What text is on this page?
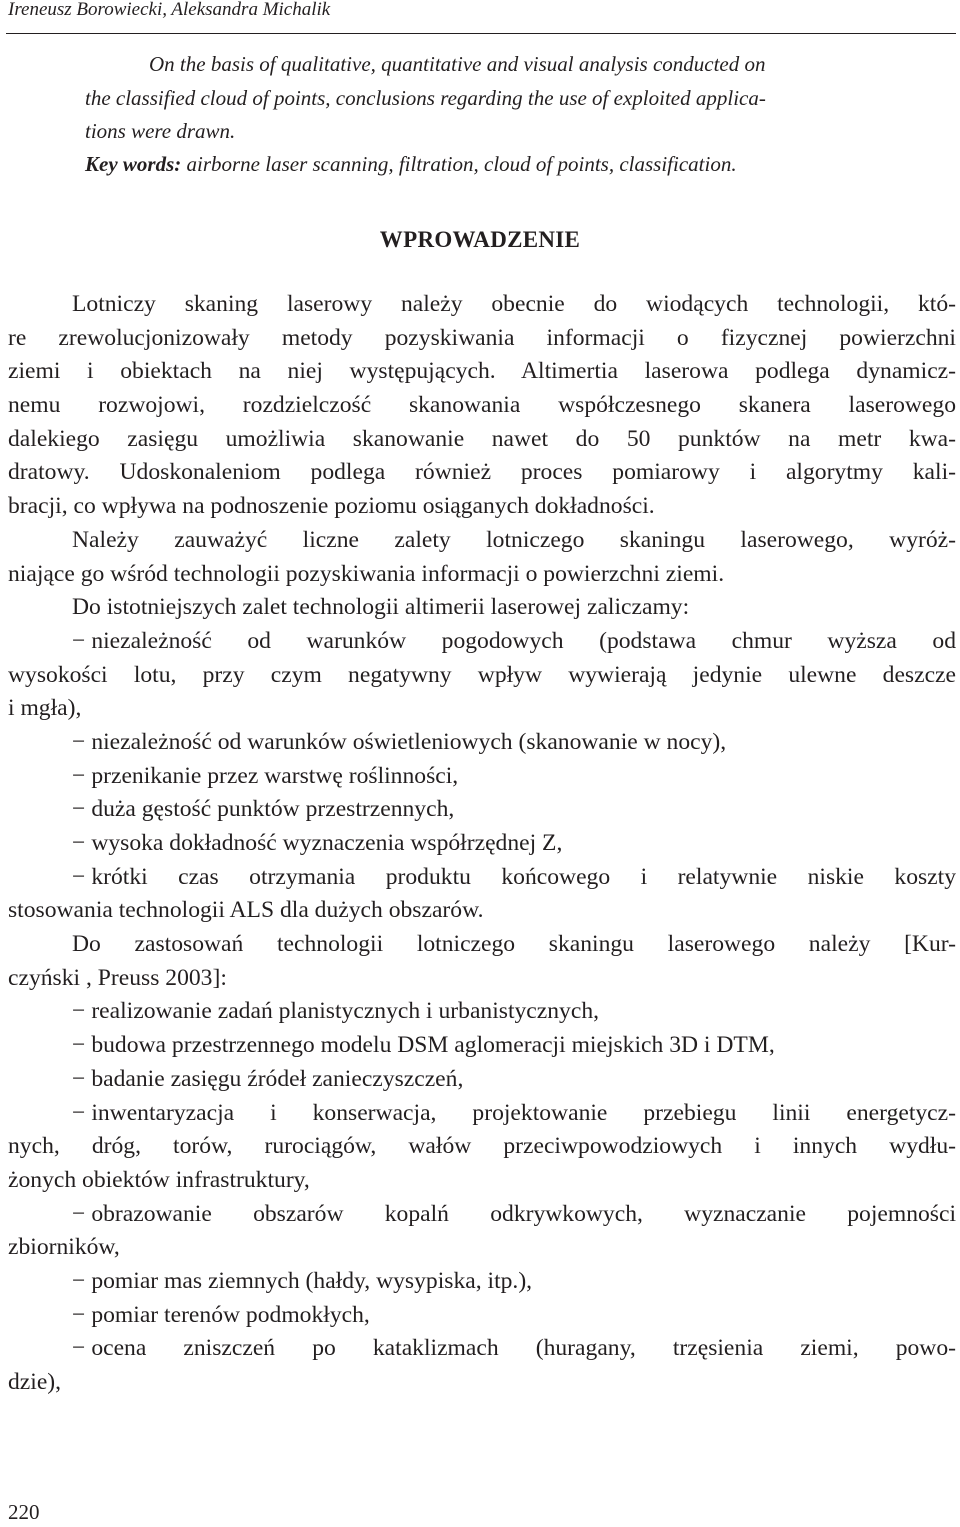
Ireneusz Borowiecki, Aleksandra Michalik
On the basis of qualitative, quantitative and visual analysis conducted on
the classified cloud of points, conclusions regarding the use of exploited applica-
tions were drawn.
Key words: airborne laser scanning, filtration, cloud of points, classification.
WPROWADZENIE
Lotniczy skaning laserowy należy obecnie do wiodących technologii, któ-
re zrewolucjonizowały metody pozyskiwania informacji o fizycznej powierzchni
ziemi i obiektach na niej występujących. Altimertia laserowa podlega dynamicz-
nemu rozwojowi, rozdzielczość skanowania współczesnego skanera laserowego
dalekiego zasięgu umożliwia skanowanie nawet do 50 punktów na metr kwa-
dratowy. Udoskonaleniom podlega również proces pomiarowy i algorytmy kali-
bracji, co wpływa na podnoszenie poziomu osiąganych dokładności.
Należy zauważyć liczne zalety lotniczego skaningu laserowego, wyróż-
niające go wśród technologii pozyskiwania informacji o powierzchni ziemi.
Do istotniejszych zalet technologii altimerii laserowej zaliczamy:
− niezależność od warunków pogodowych (podstawa chmur wyższa od
wysokości lotu, przy czym negatywny wpływ wywierają jedynie ulewne deszcze
i mgła),
− niezależność od warunków oświetleniowych (skanowanie w nocy),
− przenikanie przez warstwę roślinności,
− duża gęstość punktów przestrzennych,
− wysoka dokładność wyznaczenia współrzędnej Z,
− krótki czas otrzymania produktu końcowego i relatywnie niskie koszty
stosowania technologii ALS dla dużych obszarów.
Do zastosowań technologii lotniczego skaningu laserowego należy [Kur-
czyński , Preuss 2003]:
− realizowanie zadań planistycznych i urbanistycznych,
− budowa przestrzennego modelu DSM aglomeracji miejskich 3D i DTM,
− badanie zasięgu źródeł zanieczyszczeń,
− inwentaryzacja i konserwacja, projektowanie przebiegu linii energetycz-
nych, dróg, torów, rurociągów, wałów przeciwpowodziowych i innych wydłu-
żonych obiektów infrastruktury,
− obrazowanie obszarów kopalń odkrywkowych, wyznaczanie pojemności
zbiorników,
− pomiar mas ziemnych (hałdy, wysypiska, itp.),
− pomiar terenów podmokłych,
− ocena zniszczeń po kataklizmach (huragany, trzęsienia ziemi, powo-
dzie),
220
